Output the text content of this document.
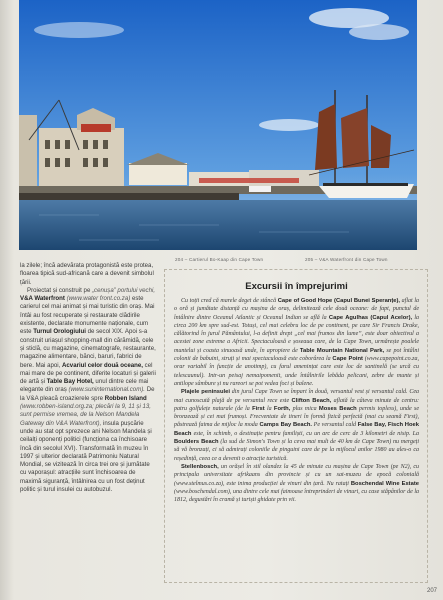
204 – Cartierul Bo-Kaap din Cape Town	205 – V&A Waterfront din Cape Town

la zilele; încă adevărata protagonistă este protea, floarea tipică sud-africană care a devenit simbolul țării.

Proiectat și construit pe „cenușa” portului vechi, V&A Waterfront (www.water front.co.za) este carierul cel mai animat și mai turistic din oraș. Mai întâi au fost recuperate și restaurate clădirile existente, declarate monumente naționale, cum este Turnul Orologiului de secol XIX. Apoi s-a construit uriașul shopping-mall din cărămidă, cele și sticlă, cu magazine, cinematografe, restaurante, magazine alimentare, bănci, baruri, fabrici de bere. Mai apoi, Acvariul celor două oceane, cel mai mare de pe continent, diferite locaturi și galerii de artă și Table Bay Hotel, unul dintre cele mai elegante din oraș (www.suninternational.com). De la V&A pleacă croazierele spre Robben Island (www.robben-island.org.za; plecări la 9, 11 și 13, sunt permise vremea, de la Nelson Mandela Gateway din V&A Waterfront), insula pușcărie unde au stat opt sprezece ani Nelson Mandela și ceilalți oponenți politici (funcționa ca închisoare încă din secolul XVI). Transformată în muzeu în 1997 și ulterior declarată Patrimoniu Natural Mondial, se vizitează în circa trei ore și jumătate cu vaporașul: atracțiile sunt închisoarea de maximă siguranță, întâlnirea cu un fost deținut politic și turul insulei cu autobuzul.

Excursii în împrejurimi

Cu toții cred că marele deget de stâncă Cape of Good Hope (Capul Bunei Speranțe), aflat la o oră și jumătate distanță cu mașina de oraș, delimitează cele două oceane: de fapt, punctul de întâlnire dintre Oceanul Atlantic și Oceanul Indian se află la Cape Agulhas (Capul Acelor), la circa 200 km spre sud-est. Totuși, cel mai celebru loc de pe continent, pe care Sir Francis Drake, călătorind în jurul Pământului, l-a definit drept „cel mai frumos din lume”, este doar obiectivul a acestei zone extreme a Africii. Spectaculoasă e șoseaua care, de la Cape Town, urmărește poalele muntelui și coasta sinuoasă unde, în apropiere de Table Mountain National Park, se pot întâlni colonii de babuini, struți și mai spectaculoasă este coborârea la Cape Point (www.capepoint.co.za, orar variabil în funcție de anotimp), cu farul amenințat care este loc de santinelă (se urcă cu telescaunul). Intr-un peisaj nemaipomenit, unde întâlnirile lebăda pelicani, zebre de munte și antilope sâmbure și nu rareori se pot vedea foci și balene.

Plajele peninsulei din jurul Cape Town se împart în două, versantul vest și versantul cald. Cea mai cunoscută plajă de pe versantul rece este Clifton Beach, aflată la câteva minute de centru: patru golfulețe naturale (de la First la Forth, plus mica Moses Beach permis topless), unde se bronzează și cei mai frumoși. Frecventate de tineri în formă fizică perfectă (mai cu seamă First), păstrează faima de mijloc la moda Camps Bay Beach. Pe versantul cald False Bay, Fisch Hoek Beach este, în schimb, o destinație pentru familiști, cu un arc de cerc de 3 kilometri de nisip. La Boulders Beach (la sud de Simon's Town și la ceva mai mult de 40 km de Cape Town) nu mergeți să vă bronzați, ci să admirați coloniile de pinguini care de pe la mijlocul anilor 1980 au ales-o ca reședință, ceea ce a devenit o atracție turistică.

Stellenbosch, un orășel în stil olandez la 45 de minute cu mașina de Cape Town (pe N2), cu principala universitate afrikaans din provincie și cu un sat-muzeu de epocă colonială (www.stelmus.co.za), este inima producției de vinuri din țară. Nu ratați Boschendal Wine Estate (www.boschendal.com), una dintre cele mai faimoase întreprinderi de vinuri, cu case stăpânilor de la 1812, degustări în cramă și turiști ghidate prin vii.

207
